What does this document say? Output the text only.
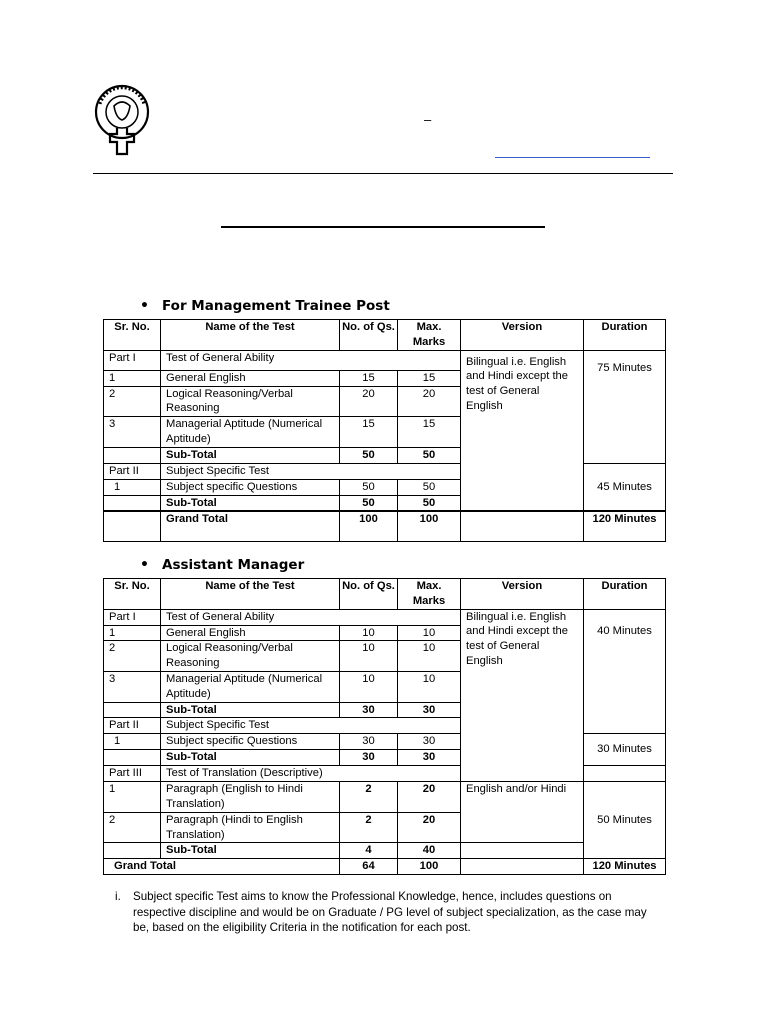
–
• For Management Trainee Post
Sr. No.	Name of the Test	No. of Qs.	Max. Marks	Version	Duration
Part I	Test of General Ability			Bilingual i.e. English and Hindi except the test of General English	75 Minutes
1	General English	15	15		
2	Logical Reasoning/Verbal Reasoning	20	20		
3	Managerial Aptitude (Numerical Aptitude)	15	15		
	Sub-Total	50	50		
Part II	Subject Specific Test				45 Minutes
1	Subject specific Questions	50	50		
	Sub-Total	50	50		
	Grand Total	100	100		120 Minutes
• Assistant Manager
Sr. No.	Name of the Test	No. of Qs.	Max. Marks	Version	Duration
Part I	Test of General Ability			Bilingual i.e. English and Hindi except the test of General English	40 Minutes
1	General English	10	10		
2	Logical Reasoning/Verbal Reasoning	10	10		
3	Managerial Aptitude (Numerical Aptitude)	10	10		
	Sub-Total	30	30		
Part II	Subject Specific Test				
1	Subject specific Questions	30	30		30 Minutes
	Sub-Total	30	30		
Part III	Test of Translation (Descriptive)				
1	Paragraph (English to Hindi Translation)	2	20	English and/or Hindi	50 Minutes
2	Paragraph (Hindi to English Translation)	2	20		
	Sub-Total	4	40		
Grand Total		64	100		120 Minutes
i. Subject specific Test aims to know the Professional Knowledge, hence, includes questions on respective discipline and would be on Graduate / PG level of subject specialization, as the case may be, based on the eligibility Criteria in the notification for each post.
